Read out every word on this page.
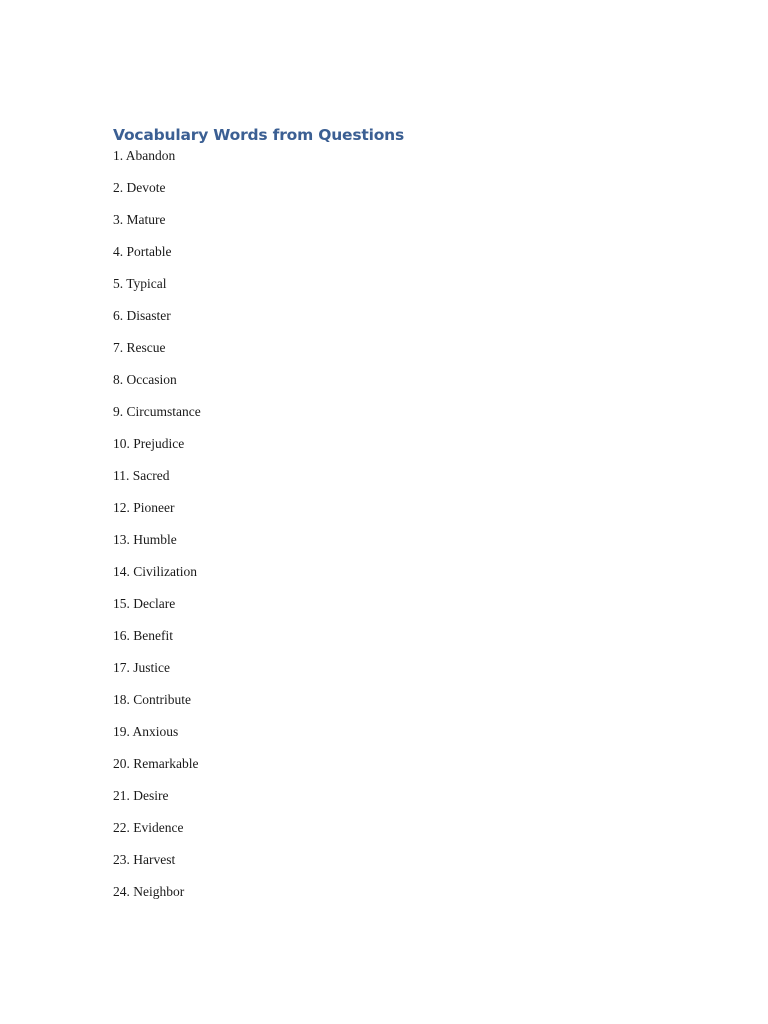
Vocabulary Words from Questions
1. Abandon
2. Devote
3. Mature
4. Portable
5. Typical
6. Disaster
7. Rescue
8. Occasion
9. Circumstance
10. Prejudice
11. Sacred
12. Pioneer
13. Humble
14. Civilization
15. Declare
16. Benefit
17. Justice
18. Contribute
19. Anxious
20. Remarkable
21. Desire
22. Evidence
23. Harvest
24. Neighbor
